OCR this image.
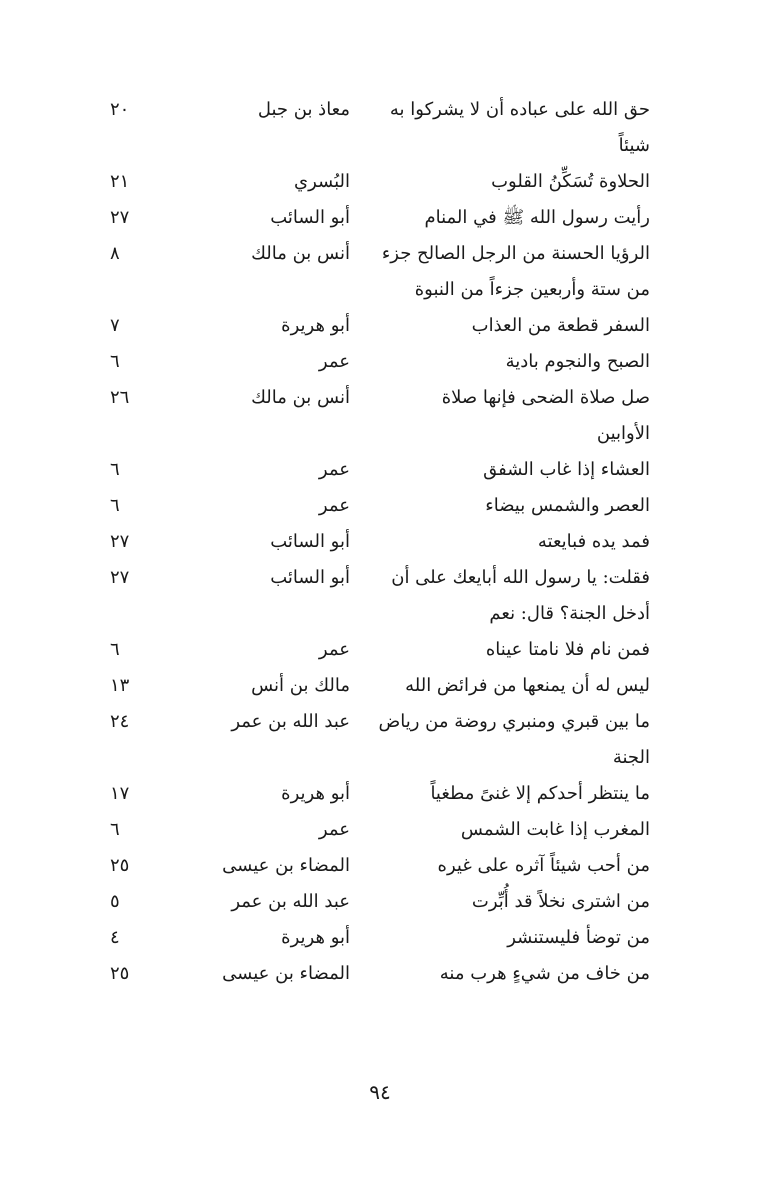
حق الله على عباده أن لا يشركوا به
شيئاً
معاذ بن جبل
٢٠
الحلاوة تُسَكِّنُ القلوب
البُسري
٢١
رأيت رسول الله ﷺ في المنام
أبو السائب
٢٧
الرؤيا الحسنة من الرجل الصالح جزء
من ستة وأربعين جزءاً من النبوة
أنس بن مالك
٨
السفر قطعة من العذاب
أبو هريرة
٧
الصبح والنجوم بادية
عمر
٦
صل صلاة الضحى فإنها صلاة
الأوابين
أنس بن مالك
٢٦
العشاء إذا غاب الشفق
عمر
٦
العصر والشمس بيضاء
عمر
٦
فمد يده فبايعته
أبو السائب
٢٧
فقلت: يا رسول الله أبايعك على أن
أدخل الجنة؟ قال: نعم
أبو السائب
٢٧
فمن نام فلا نامتا عيناه
عمر
٦
ليس له أن يمنعها من فرائض الله
مالك بن أنس
١٣
ما بين قبري ومنبري روضة من رياض
الجنة
عبد الله بن عمر
٢٤
ما ينتظر أحدكم إلا غنىً مطغياً
أبو هريرة
١٧
المغرب إذا غابت الشمس
عمر
٦
من أحب شيئاً آثره على غيره
المضاء بن عيسى
٢٥
من اشترى نخلاً قد أُبِّرت
عبد الله بن عمر
٥
من توضأ فليستنشر
أبو هريرة
٤
من خاف من شيءٍ هرب منه
المضاء بن عيسى
٢٥
٩٤
